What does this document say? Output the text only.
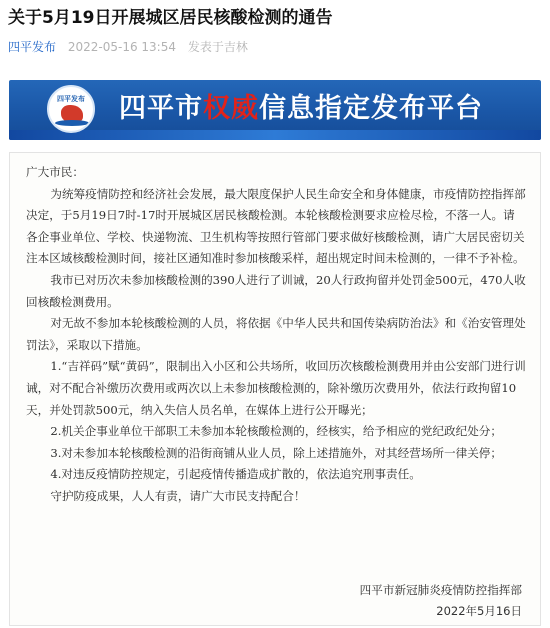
关于5月19日开展城区居民核酸检测的通告
四平发布 2022-05-16 13:54 发表于吉林
四平发布 四平市权威信息指定发布平台

广大市民：

为统筹疫情防控和经济社会发展，最大限度保护人民生命安全和身体健康，市疫情防控指挥部决定，于5月19日7时-17时开展城区居民核酸检测。本轮核酸检测要求应检尽检，不落一人。请各企事业单位、学校、快递物流、卫生机构等按照行管部门要求做好核酸检测，请广大居民密切关注本区域核酸检测时间，接社区通知准时参加核酸采样，超出规定时间未检测的，一律不予补检。

我市已对历次未参加核酸检测的390人进行了训诫，20人行政拘留并处罚金500元，470人收回核酸检测费用。

对无故不参加本轮核酸检测的人员，将依据《中华人民共和国传染病防治法》和《治安管理处罚法》，采取以下措施。

1.“吉祥码”赋“黄码”，限制出入小区和公共场所，收回历次核酸检测费用并由公安部门进行训诫，对不配合补缴历次费用或两次以上未参加核酸检测的，除补缴历次费用外，依法行政拘留10天，并处罚款500元，纳入失信人员名单，在媒体上进行公开曝光；

2.机关企事业单位干部职工未参加本轮核酸检测的，经核实，给予相应的党纪政纪处分；

3.对未参加本轮核酸检测的沿街商铺从业人员，除上述措施外，对其经营场所一律关停；

4.对违反疫情防控规定，引起疫情传播造成扩散的，依法追究刑事责任。

守护防疫成果，人人有责，请广大市民支持配合！

四平市新冠肺炎疫情防控指挥部
2022年5月16日
